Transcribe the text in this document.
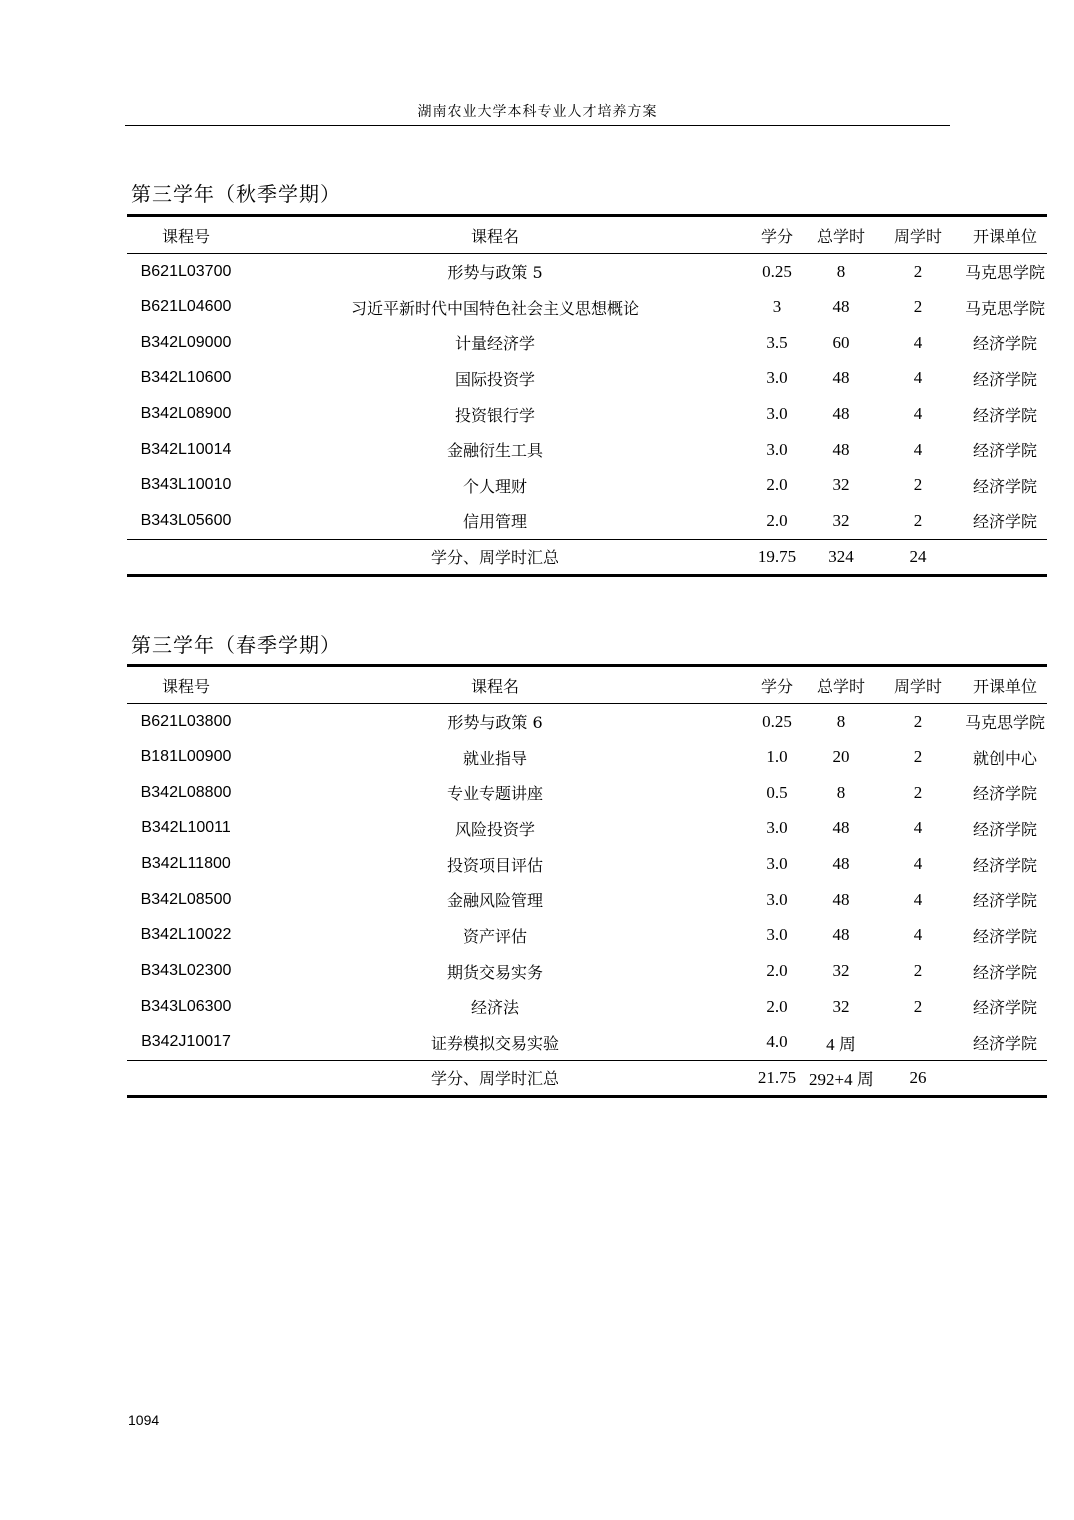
湖南农业大学本科专业人才培养方案
第三学年（秋季学期）
课程号	课程名	学分	总学时	周学时	开课单位
B621L03700	形势与政策 5	0.25	8	2	马克思学院
B621L04600	习近平新时代中国特色社会主义思想概论	3	48	2	马克思学院
B342L09000	计量经济学	3.5	60	4	经济学院
B342L10600	国际投资学	3.0	48	4	经济学院
B342L08900	投资银行学	3.0	48	4	经济学院
B342L10014	金融衍生工具	3.0	48	4	经济学院
B343L10010	个人理财	2.0	32	2	经济学院
B343L05600	信用管理	2.0	32	2	经济学院
	学分、周学时汇总	19.75	324	24	
第三学年（春季学期）
课程号	课程名	学分	总学时	周学时	开课单位
B621L03800	形势与政策 6	0.25	8	2	马克思学院
B181L00900	就业指导	1.0	20	2	就创中心
B342L08800	专业专题讲座	0.5	8	2	经济学院
B342L10011	风险投资学	3.0	48	4	经济学院
B342L11800	投资项目评估	3.0	48	4	经济学院
B342L08500	金融风险管理	3.0	48	4	经济学院
B342L10022	资产评估	3.0	48	4	经济学院
B343L02300	期货交易实务	2.0	32	2	经济学院
B343L06300	经济法	2.0	32	2	经济学院
B342J10017	证券模拟交易实验	4.0	4 周		经济学院
	学分、周学时汇总	21.75	292+4 周	26	
1094
